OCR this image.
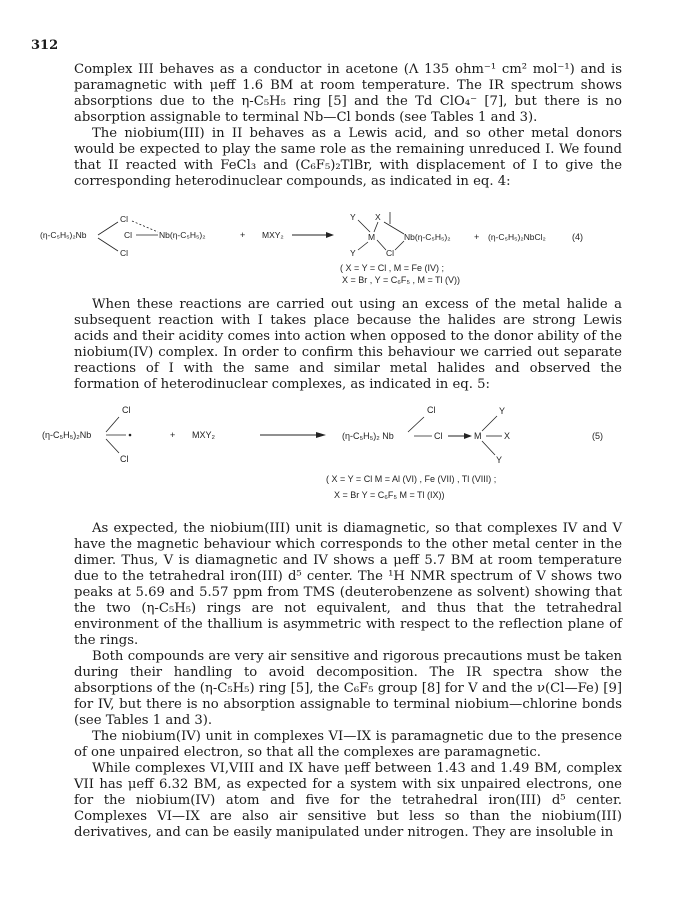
312

Complex III behaves as a conductor in acetone (Λ 135 ohm⁻¹ cm² mol⁻¹) and is paramagnetic with μeff 1.6 BM at room temperature. The IR spectrum shows absorptions due to the η-C₅H₅ ring [5] and the Td ClO₄⁻ [7], but there is no absorption assignable to terminal Nb—Cl bonds (see Tables 1 and 3).

The niobium(III) in II behaves as a Lewis acid, and so other metal donors would be expected to play the same role as the remaining unreduced I. We found that II reacted with FeCl₃ and (C₆F₅)₂TlBr, with displacement of I to give the corresponding heterodinuclear compounds, as indicated in eq. 4:

(η-C₅H₅)₂Nb
Cl
Cl
Cl
Nb(η-C₅H₅)₂	+ MXY₂
Y X
M
Y	Cl
Nb(η-C₅H₅)₂	+ (η-C₅H₅)₂NbCl₂	(4)
( X = Y = Cl , M = Fe (IV) ;
X = Br , Y = C₆F₅ , M = Tl (V))

When these reactions are carried out using an excess of the metal halide a subsequent reaction with I takes place because the halides are strong Lewis acids and their acidity comes into action when opposed to the donor ability of the niobium(IV) complex. In order to confirm this behaviour we carried out separate reactions of I with the same and similar metal halides and observed the formation of heterodinuclear complexes, as indicated in eq. 5:

Cl
(η-C₅H₅)₂Nb
Cl
+ MXY₂
Cl
(η-C₅H₅)₂ Nb	Cl	M
Y
X
Y
(5)
( X = Y = Cl M = Al (VI) , Fe (VII) , Tl (VIII) ;
X = Br Y = C₆F₅ M = Tl (IX))

As expected, the niobium(III) unit is diamagnetic, so that complexes IV and V have the magnetic behaviour which corresponds to the other metal center in the dimer. Thus, V is diamagnetic and IV shows a μeff 5.7 BM at room temperature due to the tetrahedral iron(III) d⁵ center. The ¹H NMR spectrum of V shows two peaks at 5.69 and 5.57 ppm from TMS (deuterobenzene as solvent) showing that the two (η-C₅H₅) rings are not equivalent, and thus that the tetrahedral environment of the thallium is asymmetric with respect to the reflection plane of the rings.

Both compounds are very air sensitive and rigorous precautions must be taken during their handling to avoid decomposition. The IR spectra show the absorptions of the (η-C₅H₅) ring [5], the C₆F₅ group [8] for V and the ν(Cl—Fe) [9] for IV, but there is no absorption assignable to terminal niobium—chlorine bonds (see Tables 1 and 3).

The niobium(IV) unit in complexes VI—IX is paramagnetic due to the presence of one unpaired electron, so that all the complexes are paramagnetic.

While complexes VI,VIII and IX have μeff between 1.43 and 1.49 BM, complex VII has μeff 6.32 BM, as expected for a system with six unpaired electrons, one for the niobium(IV) atom and five for the tetrahedral iron(III) d⁵ center. Complexes VI—IX are also air sensitive but less so than the niobium(III) derivatives, and can be easily manipulated under nitrogen. They are insoluble in
